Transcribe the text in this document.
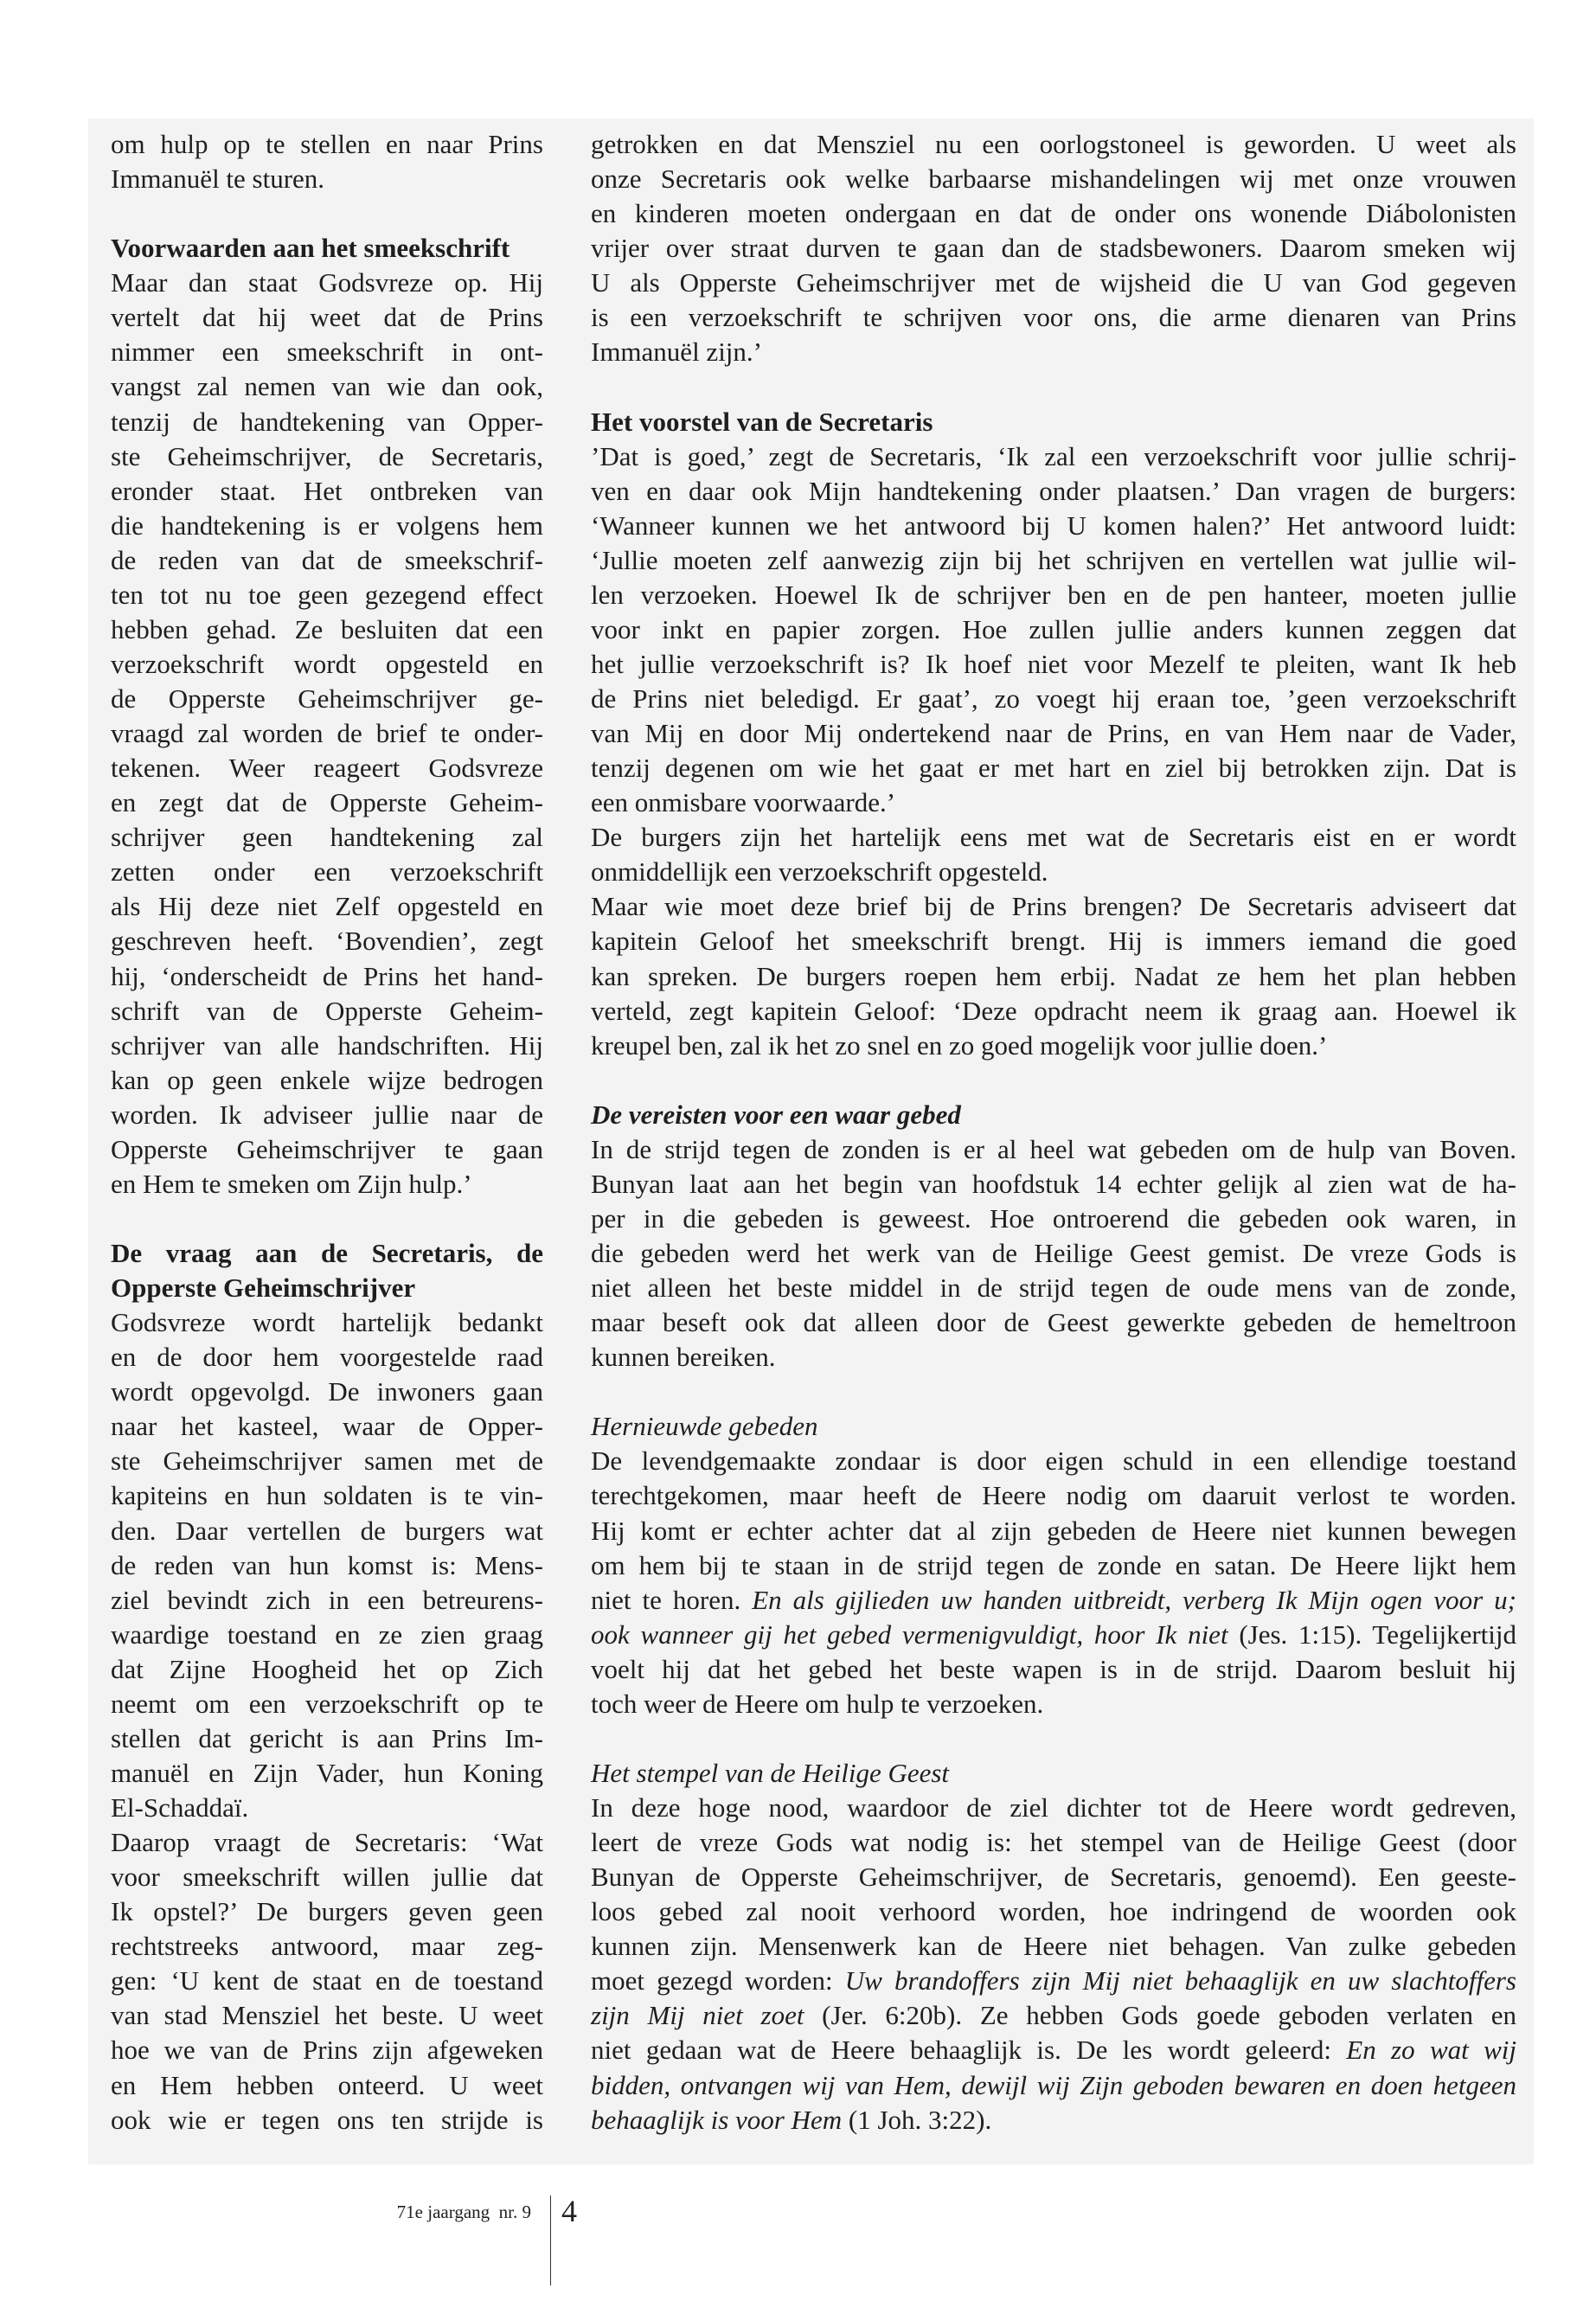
om hulp op te stellen en naar Prins
Immanuël te sturen.
Voorwaarden aan het smeekschrift
Maar dan staat Godsvreze op. Hij
vertelt dat hij weet dat de Prins
nimmer een smeekschrift in ont-
vangst zal nemen van wie dan ook,
tenzij de handtekening van Opper-
ste Geheimschrijver, de Secretaris,
eronder staat. Het ontbreken van
die handtekening is er volgens hem
de reden van dat de smeekschrif-
ten tot nu toe geen gezegend effect
hebben gehad. Ze besluiten dat een
verzoekschrift wordt opgesteld en
de Opperste Geheimschrijver ge-
vraagd zal worden de brief te onder-
tekenen. Weer reageert Godsvreze
en zegt dat de Opperste Geheim-
schrijver geen handtekening zal
zetten onder een verzoekschrift
als Hij deze niet Zelf opgesteld en
geschreven heeft. ‘Bovendien’, zegt
hij, ‘onderscheidt de Prins het hand-
schrift van de Opperste Geheim-
schrijver van alle handschriften. Hij
kan op geen enkele wijze bedrogen
worden. Ik adviseer jullie naar de
Opperste Geheimschrijver te gaan
en Hem te smeken om Zijn hulp.’
De vraag aan de Secretaris, de
Opperste Geheimschrijver
Godsvreze wordt hartelijk bedankt
en de door hem voorgestelde raad
wordt opgevolgd. De inwoners gaan
naar het kasteel, waar de Opper-
ste Geheimschrijver samen met de
kapiteins en hun soldaten is te vin-
den. Daar vertellen de burgers wat
de reden van hun komst is: Mens-
ziel bevindt zich in een betreurens-
waardige toestand en ze zien graag
dat Zijne Hoogheid het op Zich
neemt om een verzoekschrift op te
stellen dat gericht is aan Prins Im-
manuël en Zijn Vader, hun Koning
El-Schaddaï.
Daarop vraagt de Secretaris: ‘Wat
voor smeekschrift willen jullie dat
Ik opstel?’ De burgers geven geen
rechtstreeks antwoord, maar zeg-
gen: ‘U kent de staat en de toestand
van stad Mensziel het beste. U weet
hoe we van de Prins zijn afgeweken
en Hem hebben onteerd. U weet
ook wie er tegen ons ten strijde is
getrokken en dat Mensziel nu een oorlogstoneel is geworden. U weet als
onze Secretaris ook welke barbaarse mishandelingen wij met onze vrouwen
en kinderen moeten ondergaan en dat de onder ons wonende Diábolonisten
vrijer over straat durven te gaan dan de stadsbewoners. Daarom smeken wij
U als Opperste Geheimschrijver met de wijsheid die U van God gegeven
is een verzoekschrift te schrijven voor ons, die arme dienaren van Prins
Immanuël zijn.’
Het voorstel van de Secretaris
’Dat is goed,’ zegt de Secretaris, ‘Ik zal een verzoekschrift voor jullie schrij-
ven en daar ook Mijn handtekening onder plaatsen.’ Dan vragen de burgers:
‘Wanneer kunnen we het antwoord bij U komen halen?’ Het antwoord luidt:
‘Jullie moeten zelf aanwezig zijn bij het schrijven en vertellen wat jullie wil-
len verzoeken. Hoewel Ik de schrijver ben en de pen hanteer, moeten jullie
voor inkt en papier zorgen. Hoe zullen jullie anders kunnen zeggen dat
het jullie verzoekschrift is? Ik hoef niet voor Mezelf te pleiten, want Ik heb
de Prins niet beledigd. Er gaat’, zo voegt hij eraan toe, ’geen verzoekschrift
van Mij en door Mij ondertekend naar de Prins, en van Hem naar de Vader,
tenzij degenen om wie het gaat er met hart en ziel bij betrokken zijn. Dat is
een onmisbare voorwaarde.’
De burgers zijn het hartelijk eens met wat de Secretaris eist en er wordt
onmiddellijk een verzoekschrift opgesteld.
Maar wie moet deze brief bij de Prins brengen? De Secretaris adviseert dat
kapitein Geloof het smeekschrift brengt. Hij is immers iemand die goed
kan spreken. De burgers roepen hem erbij. Nadat ze hem het plan hebben
verteld, zegt kapitein Geloof: ‘Deze opdracht neem ik graag aan. Hoewel ik
kreupel ben, zal ik het zo snel en zo goed mogelijk voor jullie doen.’
De vereisten voor een waar gebed
In de strijd tegen de zonden is er al heel wat gebeden om de hulp van Boven.
Bunyan laat aan het begin van hoofdstuk 14 echter gelijk al zien wat de ha-
per in die gebeden is geweest. Hoe ontroerend die gebeden ook waren, in
die gebeden werd het werk van de Heilige Geest gemist. De vreze Gods is
niet alleen het beste middel in de strijd tegen de oude mens van de zonde,
maar beseft ook dat alleen door de Geest gewerkte gebeden de hemeltroon
kunnen bereiken.
Hernieuwde gebeden
De levendgemaakte zondaar is door eigen schuld in een ellendige toestand
terechtgekomen, maar heeft de Heere nodig om daaruit verlost te worden.
Hij komt er echter achter dat al zijn gebeden de Heere niet kunnen bewegen
om hem bij te staan in de strijd tegen de zonde en satan. De Heere lijkt hem
niet te horen. En als gijlieden uw handen uitbreidt, verberg Ik Mijn ogen voor u;
ook wanneer gij het gebed vermenigvuldigt, hoor Ik niet (Jes. 1:15). Tegelijkertijd
voelt hij dat het gebed het beste wapen is in de strijd. Daarom besluit hij
toch weer de Heere om hulp te verzoeken.
Het stempel van de Heilige Geest
In deze hoge nood, waardoor de ziel dichter tot de Heere wordt gedreven,
leert de vreze Gods wat nodig is: het stempel van de Heilige Geest (door
Bunyan de Opperste Geheimschrijver, de Secretaris, genoemd). Een geeste-
loos gebed zal nooit verhoord worden, hoe indringend de woorden ook
kunnen zijn. Mensenwerk kan de Heere niet behagen. Van zulke gebeden
moet gezegd worden: Uw brandoffers zijn Mij niet behaaglijk en uw slachtoffers
zijn Mij niet zoet (Jer. 6:20b). Ze hebben Gods goede geboden verlaten en
niet gedaan wat de Heere behaaglijk is. De les wordt geleerd: En zo wat wij
bidden, ontvangen wij van Hem, dewijl wij Zijn geboden bewaren en doen hetgeen
behaaglijk is voor Hem (1 Joh. 3:22).
71e jaargang  nr. 9 4
